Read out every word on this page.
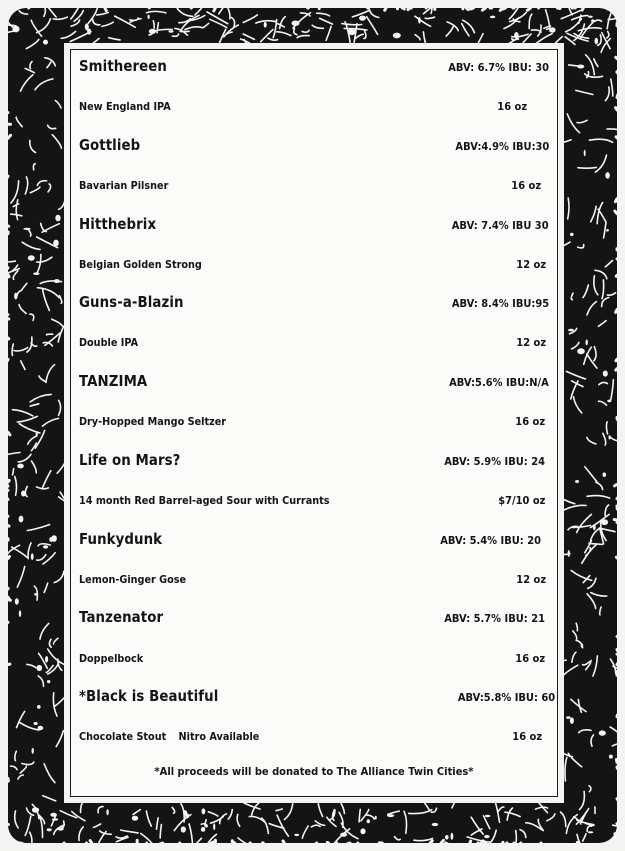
Smithereen	ABV: 6.7% IBU: 30
New England IPA	16 oz
Gottlieb	ABV:4.9% IBU:30
Bavarian Pilsner	16 oz
Hitthebrix	ABV: 7.4% IBU 30
Belgian Golden Strong	12 oz
Guns-a-Blazin	ABV: 8.4% IBU:95
Double IPA	12 oz
TANZIMA	ABV:5.6% IBU:N/A
Dry-Hopped Mango Seltzer	16 oz
Life on Mars?	ABV: 5.9% IBU: 24
14 month Red Barrel-aged Sour with Currants	$7/10 oz
Funkydunk	ABV: 5.4% IBU: 20
Lemon-Ginger Gose	12 oz
Tanzenator	ABV: 5.7% IBU: 21
Doppelbock	16 oz
*Black is Beautiful	ABV:5.8% IBU: 60
Chocolate Stout Nitro Available	16 oz
*All proceeds will be donated to The Alliance Twin Cities*
